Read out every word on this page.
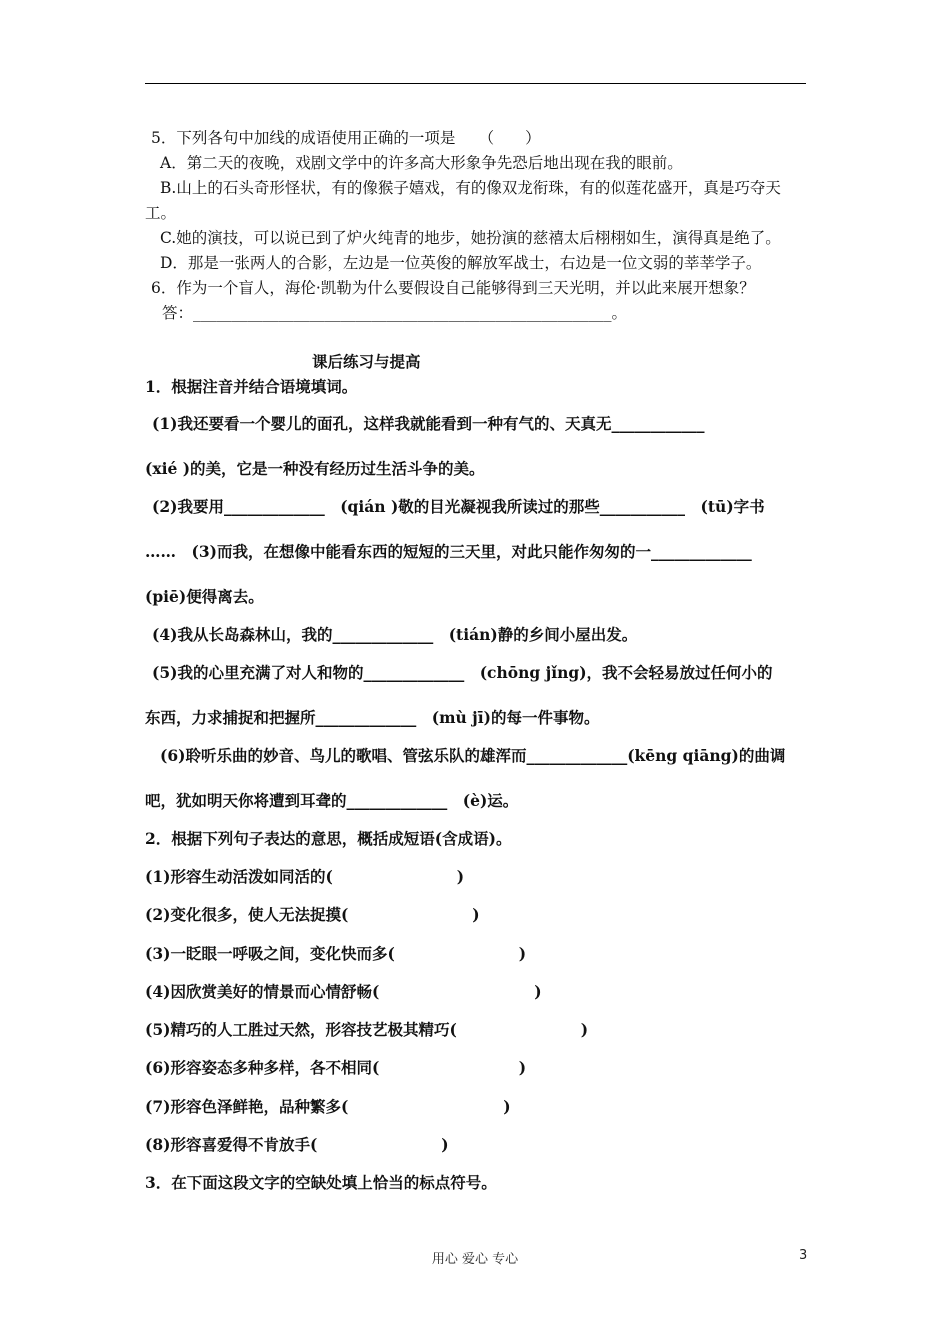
5．下列各句中加线的成语使用正确的一项是　　（　　）
A．第二天的夜晚，戏剧文学中的许多高大形象争先恐后地出现在我的眼前。
B.山上的石头奇形怪状，有的像猴子嬉戏，有的像双龙衔珠，有的似莲花盛开，真是巧夺天
工。
C.她的演技，可以说已到了炉火纯青的地步，她扮演的慈禧太后栩栩如生，演得真是绝了。
D．那是一张两人的合影，左边是一位英俊的解放军战士，右边是一位文弱的莘莘学子。
6．作为一个盲人，海伦·凯勒为什么要假设自己能够得到三天光明，并以此来展开想象？
答：______________________________________________________。
课后练习与提高
1．根据注音并结合语境填词。
(1)我还要看一个婴儿的面孔，这样我就能看到一种有气的、天真无____________
(xié )的美，它是一种没有经历过生活斗争的美。
(2)我要用_____________　(qián )敬的目光凝视我所读过的那些___________　(tū)字书
……　(3)而我，在想像中能看东西的短短的三天里，对此只能作匆匆的一_____________
(piē)便得离去。
(4)我从长岛森林山，我的_____________　(tián)静的乡间小屋出发。
(5)我的心里充满了对人和物的_____________　(chōng jǐng)，我不会轻易放过任何小的
东西，力求捕捉和把握所_____________　(mù jī)的每一件事物。
(6)聆听乐曲的妙音、鸟儿的歌唱、管弦乐队的雄浑而_____________(kēng qiāng)的曲调
吧，犹如明天你将遭到耳聋的_____________　(è)运。
2．根据下列句子表达的意思，概括成短语(含成语)。
(1)形容生动活泼如同活的(　　　　　　　　)
(2)变化很多，使人无法捉摸(　　　　　　　　)
(3)一眨眼一呼吸之间，变化快而多(　　　　　　　　)
(4)因欣赏美好的情景而心情舒畅(　　　　　　　　　　)
(5)精巧的人工胜过天然，形容技艺极其精巧(　　　　　　　　)
(6)形容姿态多种多样，各不相同(　　　　　　　　　)
(7)形容色泽鲜艳，品种繁多(　　　　　　　　　　)
(8)形容喜爱得不肯放手(　　　　　　　　)
3．在下面这段文字的空缺处填上恰当的标点符号。
用心 爱心 专心	3
